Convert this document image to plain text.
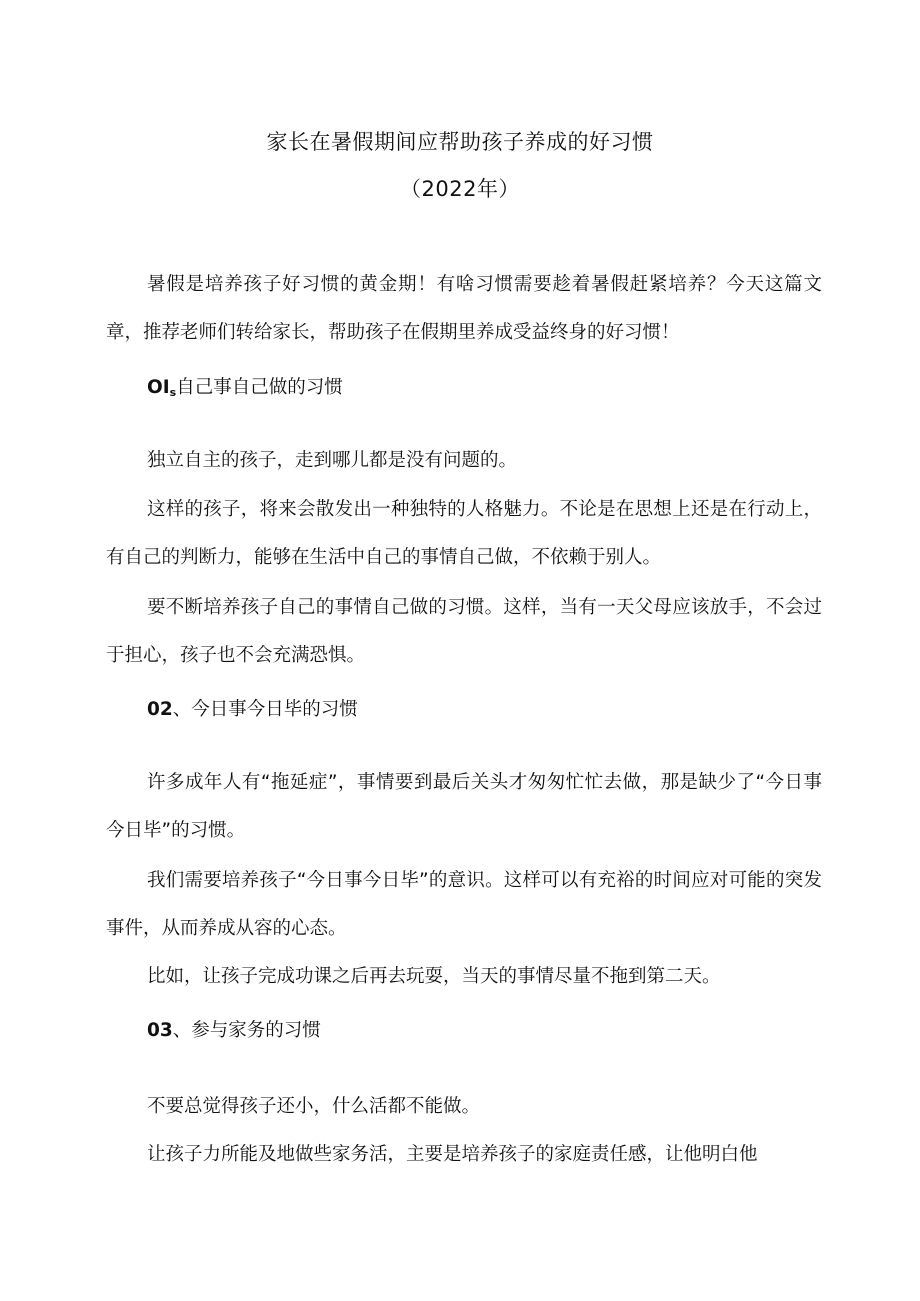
家长在暑假期间应帮助孩子养成的好习惯
（2022年）

暑假是培养孩子好习惯的黄金期！有啥习惯需要趁着暑假赶紧培养？今天这篇文章，推荐老师们转给家长，帮助孩子在假期里养成受益终身的好习惯！

$OI_s$自己事自己做的习惯

独立自主的孩子，走到哪儿都是没有问题的。

这样的孩子，将来会散发出一种独特的人格魅力。不论是在思想上还是在行动上，有自己的判断力，能够在生活中自己的事情自己做，不依赖于别人。

要不断培养孩子自己的事情自己做的习惯。这样，当有一天父母应该放手，不会过于担心，孩子也不会充满恐惧。

02、今日事今日毕的习惯

许多成年人有“拖延症”，事情要到最后关头才匆匆忙忙去做，那是缺少了“今日事今日毕”的习惯。

我们需要培养孩子“今日事今日毕”的意识。这样可以有充裕的时间应对可能的突发事件，从而养成从容的心态。

比如，让孩子完成功课之后再去玩耍，当天的事情尽量不拖到第二天。

03、参与家务的习惯

不要总觉得孩子还小，什么活都不能做。

让孩子力所能及地做些家务活，主要是培养孩子的家庭责任感，让他明白他
